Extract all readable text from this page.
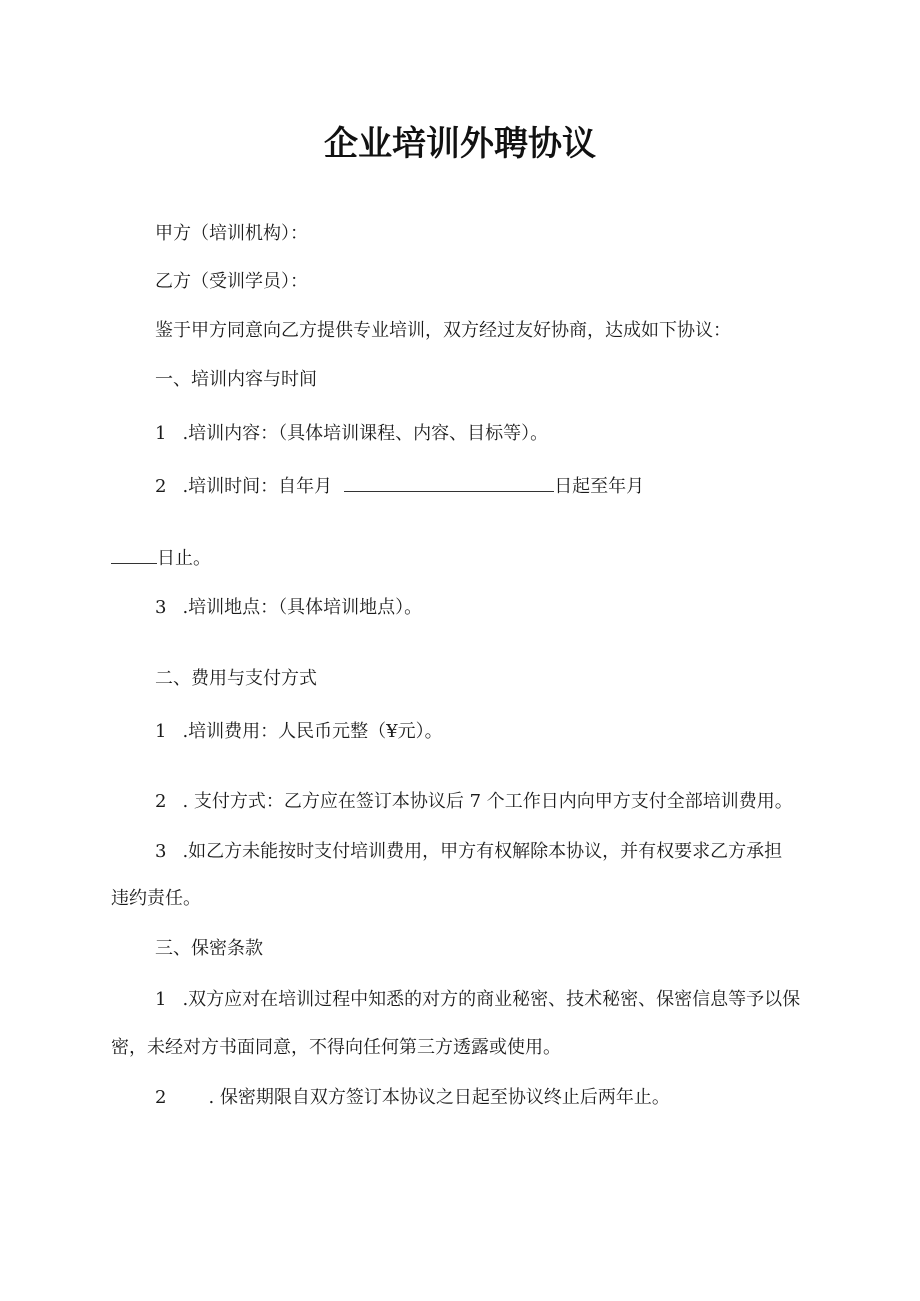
企业培训外聘协议

甲方（培训机构）：

乙方（受训学员）：

鉴于甲方同意向乙方提供专业培训，双方经过友好协商，达成如下协议：

一、培训内容与时间

1 .培训内容：（具体培训课程、内容、目标等）。

2 .培训时间：自年月	日起至年月

日止。

3 .培训地点：（具体培训地点）。

二、费用与支付方式

1 .培训费用：人民币元整（¥元）。

2 . 支付方式：乙方应在签订本协议后 7 个工作日内向甲方支付全部培训费用。

3 .如乙方未能按时支付培训费用，甲方有权解除本协议，并有权要求乙方承担

违约责任。

三、保密条款

1 .双方应对在培训过程中知悉的对方的商业秘密、技术秘密、保密信息等予以保

密，未经对方书面同意，不得向任何第三方透露或使用。

2 . 保密期限自双方签订本协议之日起至协议终止后两年止。
